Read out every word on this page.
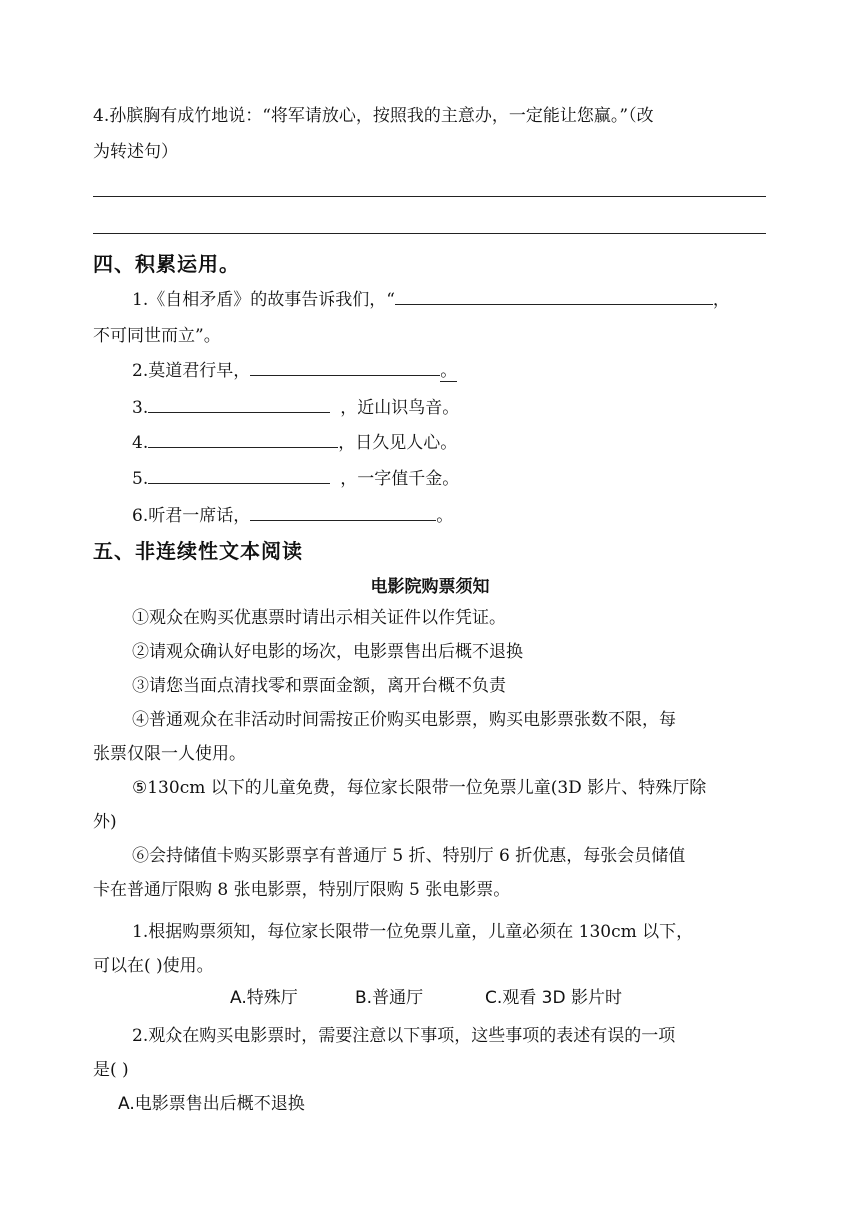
4.孙膑胸有成竹地说：“将军请放心，按照我的主意办，一定能让您赢。”（改
为转述句）
四、积累运用。
1.《自相矛盾》的故事告诉我们，“	，
不可同世而立”。
2.莫道君行早，	。
3.	，近山识鸟音。
4.	，日久见人心。
5.	，一字值千金。
6.听君一席话，	。
五、非连续性文本阅读
电影院购票须知
①观众在购买优惠票时请出示相关证件以作凭证。
②请观众确认好电影的场次，电影票售出后概不退换
③请您当面点清找零和票面金额，离开台概不负责
④普通观众在非活动时间需按正价购买电影票，购买电影票张数不限，每
张票仅限一人使用。
⑤130cm 以下的儿童免费，每位家长限带一位免票儿童(3D 影片、特殊厅除
外)
⑥会持储值卡购买影票享有普通厅 5 折、特别厅 6 折优惠，每张会员储值
卡在普通厅限购 8 张电影票，特别厅限购 5 张电影票。
1.根据购票须知，每位家长限带一位免票儿童，儿童必须在 130cm 以下，
可以在( )使用。
A.特殊厅	B.普通厅	C.观看 3D 影片时
2.观众在购买电影票时，需要注意以下事项，这些事项的表述有误的一项
是( )
A.电影票售出后概不退换
